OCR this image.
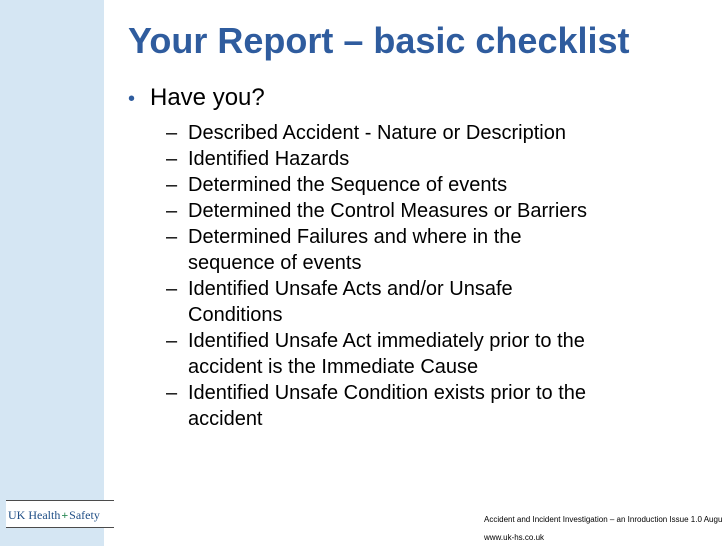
Your Report – basic checklist
• Have you?
– Described Accident - Nature or Description
– Identified Hazards
– Determined the Sequence of events
– Determined the Control Measures or Barriers
– Determined Failures and where in the
sequence of events
– Identified Unsafe Acts and/or Unsafe
Conditions
– Identified Unsafe Act immediately prior to the
accident is the Immediate Cause
– Identified Unsafe Condition exists prior to the
accident
UK Health+Safety	Accident and Incident Investigation – an Inroduction Issue 1.0 Augu
www.uk-hs.co.uk
